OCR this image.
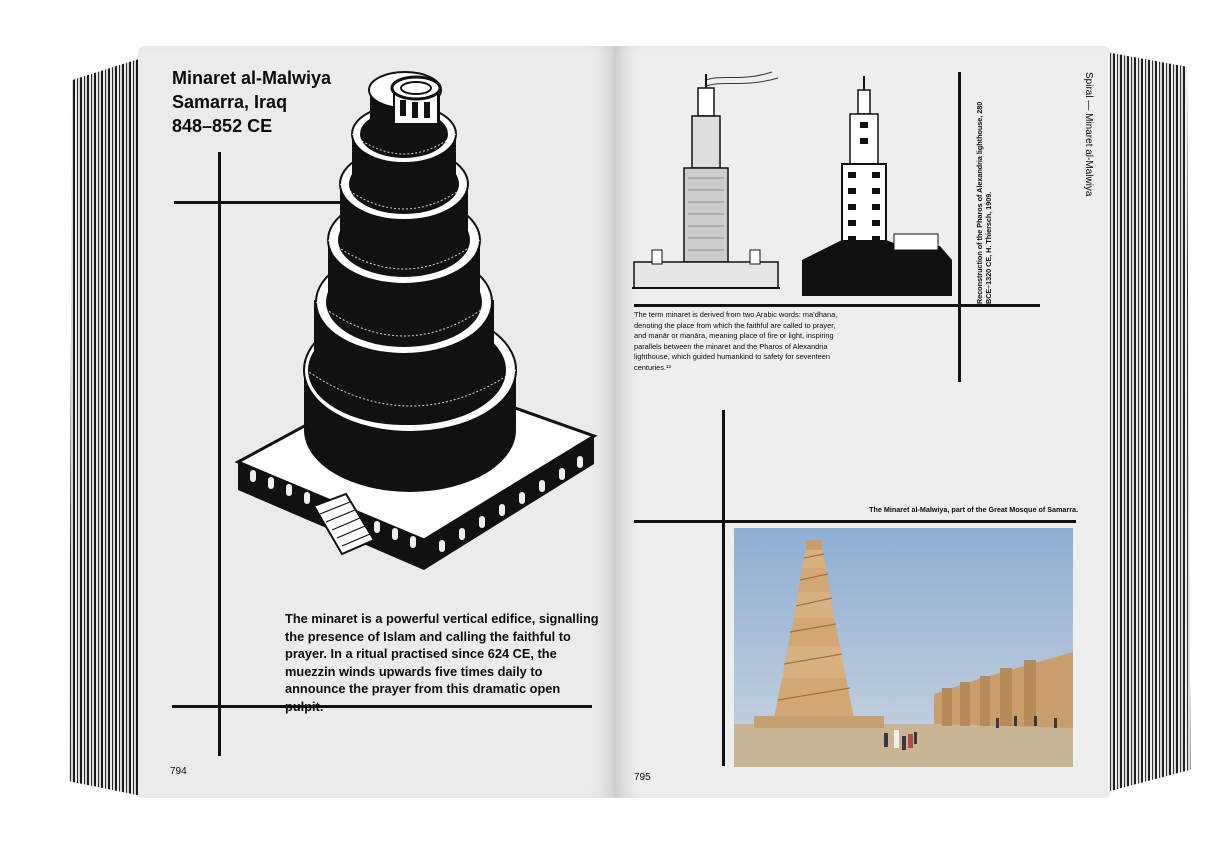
Minaret al-Malwiya
Samarra, Iraq
848–852 CE

The minaret is a powerful vertical edifice, signalling the presence of Islam and calling the faithful to prayer. In a ritual practised since 624 CE, the muezzin winds upwards five times daily to announce the prayer from this dramatic open pulpit.

794
Reconstruction of the Pharos of Alexandria lighthouse, 280 BCE–1320 CE, H. Thiersch, 1909.
Spiral — Minaret al-Malwiya

The term minaret is derived from two Arabic words: ma’dhana, denoting the place from which the faithful are called to prayer, and manār or manāra, meaning place of fire or light, inspiring parallels between the minaret and the Pharos of Alexandria lighthouse, which guided humankind to safety for seventeen centuries.¹³

The Minaret al-Malwiya, part of the Great Mosque of Samarra.
795
